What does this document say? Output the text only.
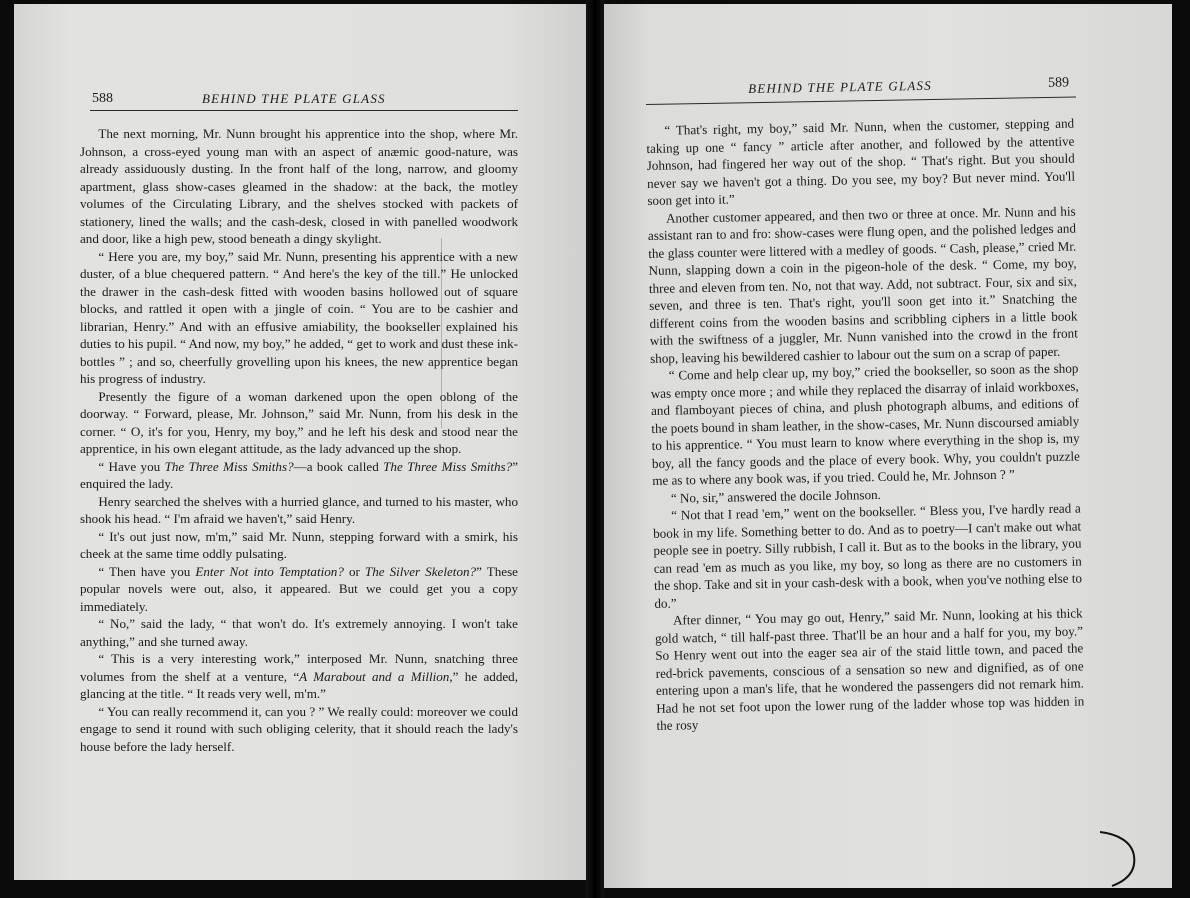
588	BEHIND THE PLATE GLASS
BEHIND THE PLATE GLASS	589

The next morning, Mr. Nunn brought his apprentice into the shop, where Mr. Johnson, a cross-eyed young man with an aspect of anæmic good-nature, was already assiduously dusting. In the front half of the long, narrow, and gloomy apartment, glass show-cases gleamed in the shadow: at the back, the motley volumes of the Circulating Library, and the shelves stocked with packets of stationery, lined the walls; and the cash-desk, closed in with panelled woodwork and door, like a high pew, stood beneath a dingy skylight.

“ Here you are, my boy,” said Mr. Nunn, presenting his apprentice with a new duster, of a blue chequered pattern. “ And here's the key of the till.” He unlocked the drawer in the cash-desk fitted with wooden basins hollowed out of square blocks, and rattled it open with a jingle of coin. “ You are to be cashier and librarian, Henry.” And with an effusive amiability, the bookseller explained his duties to his pupil. “ And now, my boy,” he added, “ get to work and dust these ink-bottles ” ; and so, cheerfully grovelling upon his knees, the new apprentice began his progress of industry.

Presently the figure of a woman darkened upon the open oblong of the doorway. “ Forward, please, Mr. Johnson,” said Mr. Nunn, from his desk in the corner. “ O, it's for you, Henry, my boy,” and he left his desk and stood near the apprentice, in his own elegant attitude, as the lady advanced up the shop.

“ Have you The Three Miss Smiths?—a book called The Three Miss Smiths?” enquired the lady.

Henry searched the shelves with a hurried glance, and turned to his master, who shook his head. “ I'm afraid we haven't,” said Henry.

“ It's out just now, m'm,” said Mr. Nunn, stepping forward with a smirk, his cheek at the same time oddly pulsating.

“ Then have you Enter Not into Temptation? or The Silver Skeleton?” These popular novels were out, also, it appeared. But we could get you a copy immediately.

“ No,” said the lady, “ that won't do. It's extremely annoying. I won't take anything,” and she turned away.

“ This is a very interesting work,” interposed Mr. Nunn, snatching three volumes from the shelf at a venture, “A Marabout and a Million,” he added, glancing at the title. “ It reads very well, m'm.”

“ You can really recommend it, can you ? ” We really could: moreover we could engage to send it round with such obliging celerity, that it should reach the lady's house before the lady herself.

“ That's right, my boy,” said Mr. Nunn, when the customer, stepping and taking up one “ fancy ” article after another, and followed by the attentive Johnson, had fingered her way out of the shop. “ That's right. But you should never say we haven't got a thing. Do you see, my boy? But never mind. You'll soon get into it.”

Another customer appeared, and then two or three at once. Mr. Nunn and his assistant ran to and fro: show-cases were flung open, and the polished ledges and the glass counter were littered with a medley of goods. “ Cash, please,” cried Mr. Nunn, slapping down a coin in the pigeon-hole of the desk. “ Come, my boy, three and eleven from ten. No, not that way. Add, not subtract. Four, six and six, seven, and three is ten. That's right, you'll soon get into it.” Snatching the different coins from the wooden basins and scribbling ciphers in a little book with the swiftness of a juggler, Mr. Nunn vanished into the crowd in the front shop, leaving his bewildered cashier to labour out the sum on a scrap of paper.

“ Come and help clear up, my boy,” cried the bookseller, so soon as the shop was empty once more ; and while they replaced the disarray of inlaid workboxes, and flamboyant pieces of china, and plush photograph albums, and editions of the poets bound in sham leather, in the show-cases, Mr. Nunn discoursed amiably to his apprentice. “ You must learn to know where everything in the shop is, my boy, all the fancy goods and the place of every book. Why, you couldn't puzzle me as to where any book was, if you tried. Could he, Mr. Johnson ? ”

“ No, sir,” answered the docile Johnson.

“ Not that I read 'em,” went on the bookseller. “ Bless you, I've hardly read a book in my life. Something better to do. And as to poetry—I can't make out what people see in poetry. Silly rubbish, I call it. But as to the books in the library, you can read 'em as much as you like, my boy, so long as there are no customers in the shop. Take and sit in your cash-desk with a book, when you've nothing else to do.”

After dinner, “ You may go out, Henry,” said Mr. Nunn, looking at his thick gold watch, “ till half-past three. That'll be an hour and a half for you, my boy.” So Henry went out into the eager sea air of the staid little town, and paced the red-brick pavements, conscious of a sensation so new and dignified, as of one entering upon a man's life, that he wondered the passengers did not remark him. Had he not set foot upon the lower rung of the ladder whose top was hidden in the rosy
